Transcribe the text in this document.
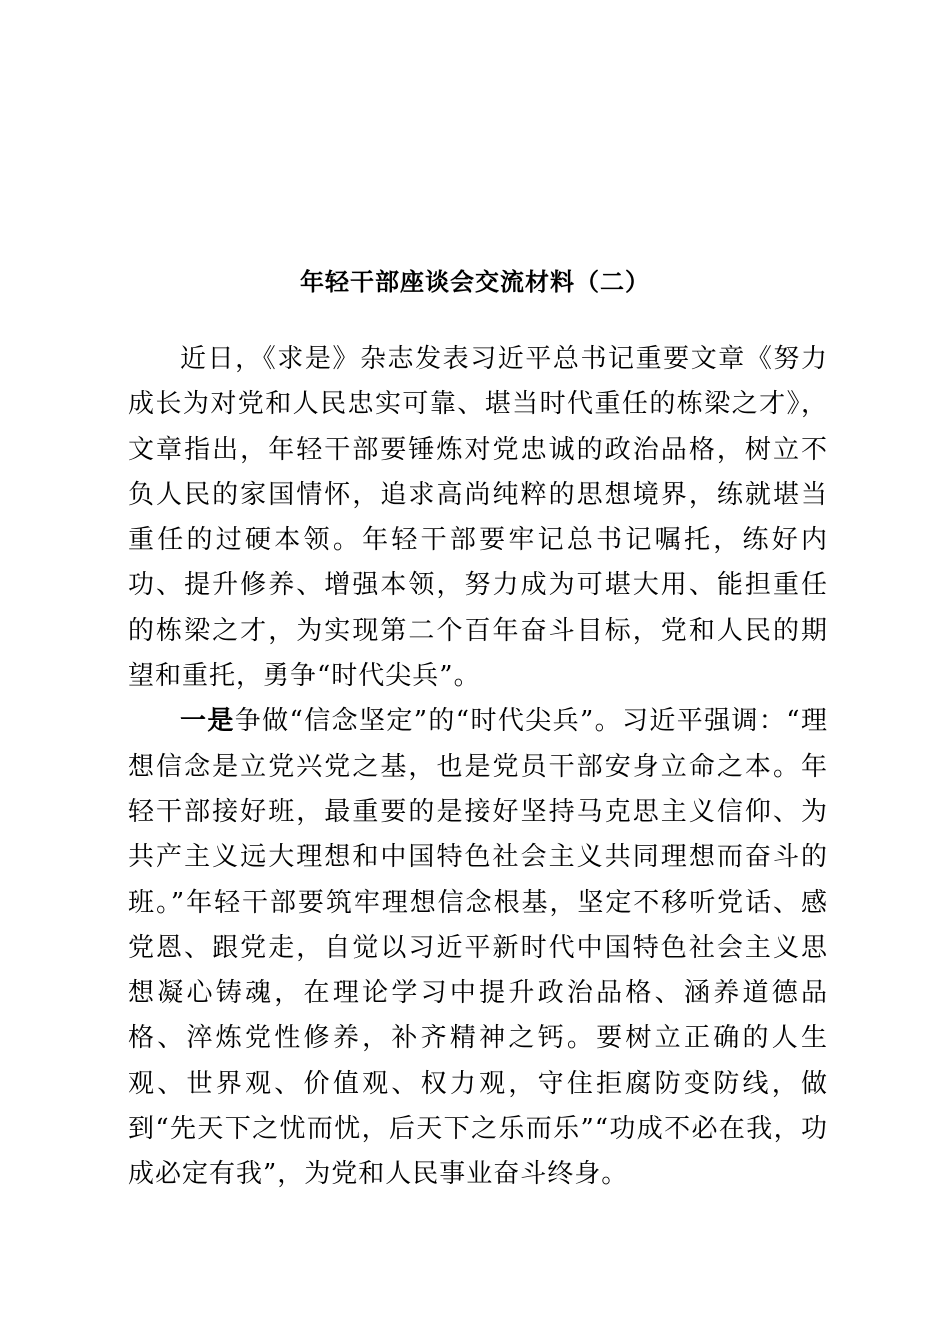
年轻干部座谈会交流材料（二）

近日，《求是》杂志发表习近平总书记重要文章《努力成长为对党和人民忠实可靠、堪当时代重任的栋梁之才》，文章指出，年轻干部要锤炼对党忠诚的政治品格，树立不负人民的家国情怀，追求高尚纯粹的思想境界，练就堪当重任的过硬本领。年轻干部要牢记总书记嘱托，练好内功、提升修养、增强本领，努力成为可堪大用、能担重任的栋梁之才，为实现第二个百年奋斗目标，党和人民的期望和重托，勇争“时代尖兵”。

一是争做“信念坚定”的“时代尖兵”。习近平强调：“理想信念是立党兴党之基，也是党员干部安身立命之本。年轻干部接好班，最重要的是接好坚持马克思主义信仰、为共产主义远大理想和中国特色社会主义共同理想而奋斗的班。”年轻干部要筑牢理想信念根基，坚定不移听党话、感党恩、跟党走，自觉以习近平新时代中国特色社会主义思想凝心铸魂，在理论学习中提升政治品格、涵养道德品格、淬炼党性修养，补齐精神之钙。要树立正确的人生观、世界观、价值观、权力观，守住拒腐防变防线，做到“先天下之忧而忧，后天下之乐而乐”“功成不必在我，功成必定有我”，为党和人民事业奋斗终身。
